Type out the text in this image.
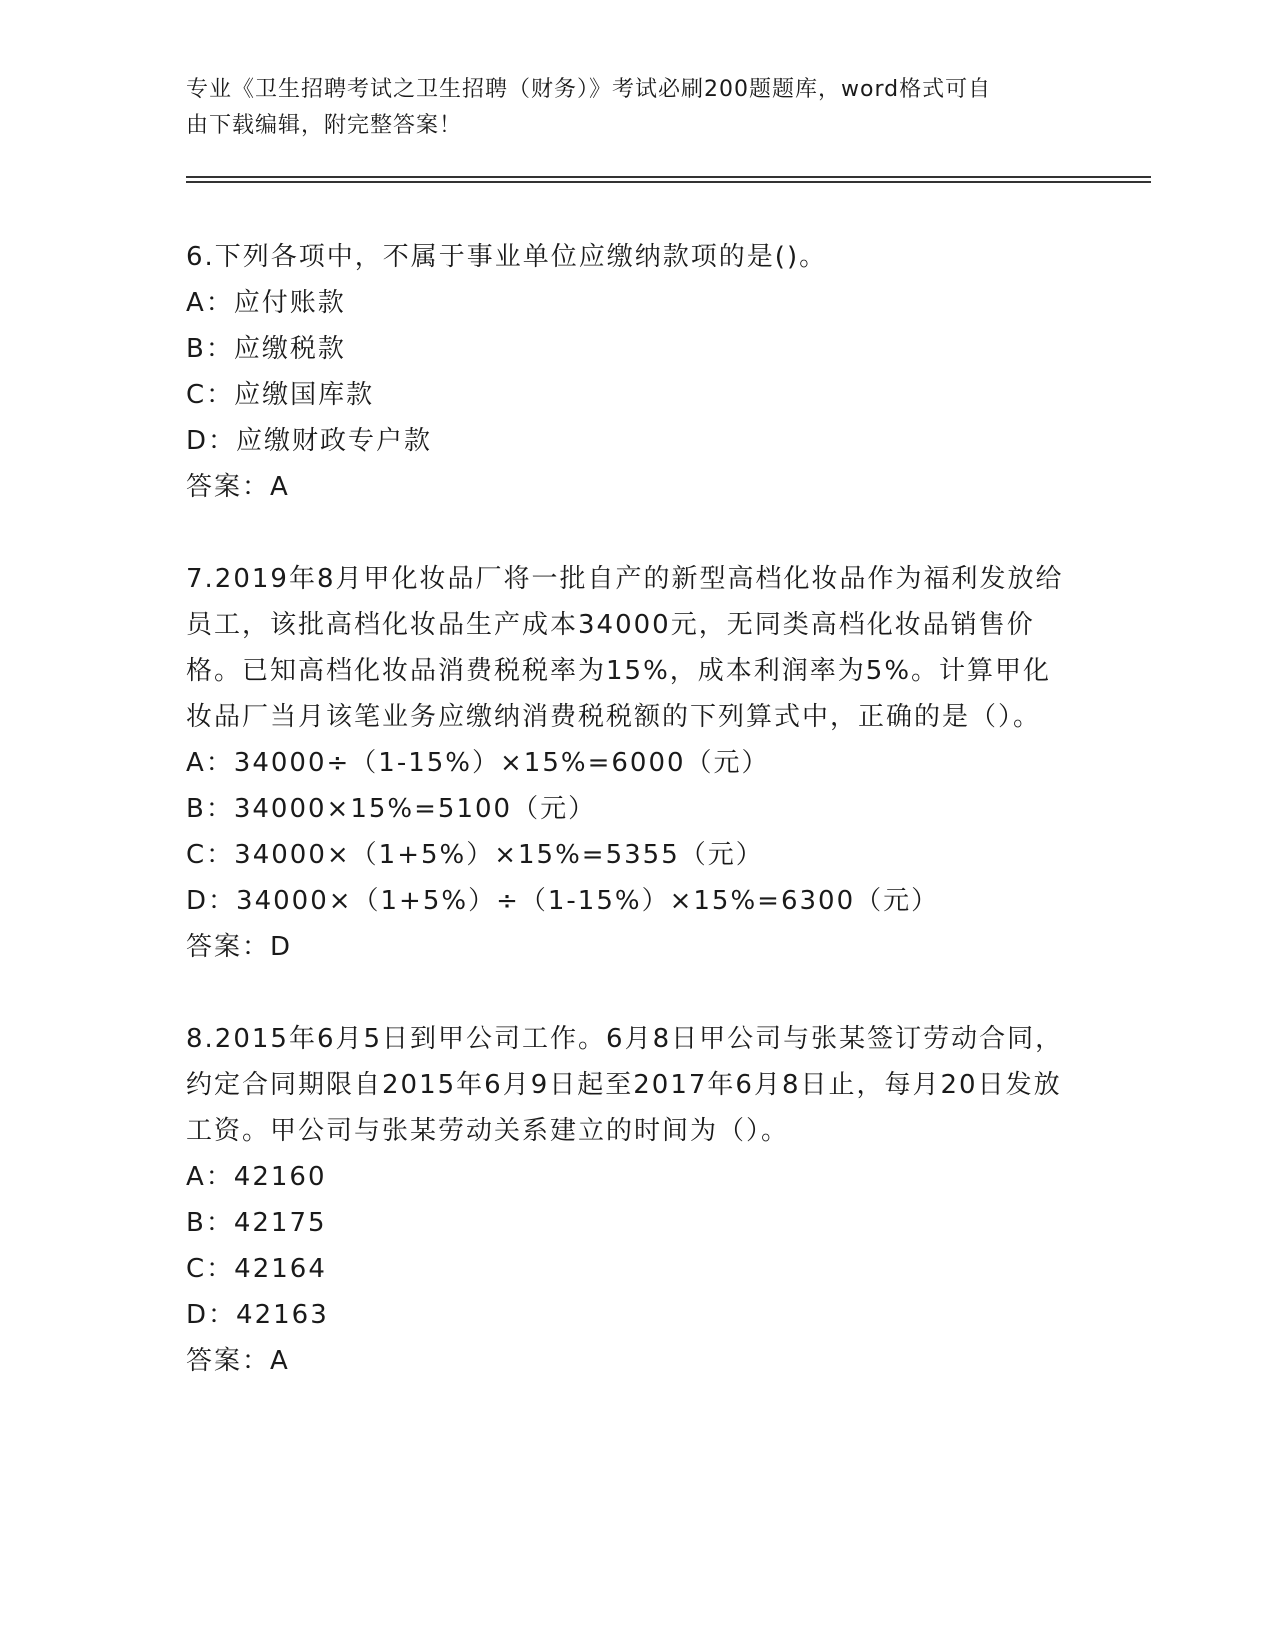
专业《卫生招聘考试之卫生招聘（财务）》考试必刷200题题库，word格式可自
由下载编辑，附完整答案！

6.下列各项中，不属于事业单位应缴纳款项的是()。

A：应付账款

B：应缴税款

C：应缴国库款

D：应缴财政专户款

答案：A

7.2019年8月甲化妆品厂将一批自产的新型高档化妆品作为福利发放给员工，该批高档化妆品生产成本34000元，无同类高档化妆品销售价格。已知高档化妆品消费税税率为15%，成本利润率为5%。计算甲化妆品厂当月该笔业务应缴纳消费税税额的下列算式中，正确的是（）。

A：34000÷（1-15%）×15%=6000（元）

B：34000×15%=5100（元）

C：34000×（1+5%）×15%=5355（元）

D：34000×（1+5%）÷（1-15%）×15%=6300（元）

答案：D

8.2015年6月5日到甲公司工作。6月8日甲公司与张某签订劳动合同，约定合同期限自2015年6月9日起至2017年6月8日止，每月20日发放工资。甲公司与张某劳动关系建立的时间为（）。

A：42160

B：42175

C：42164

D：42163

答案：A
